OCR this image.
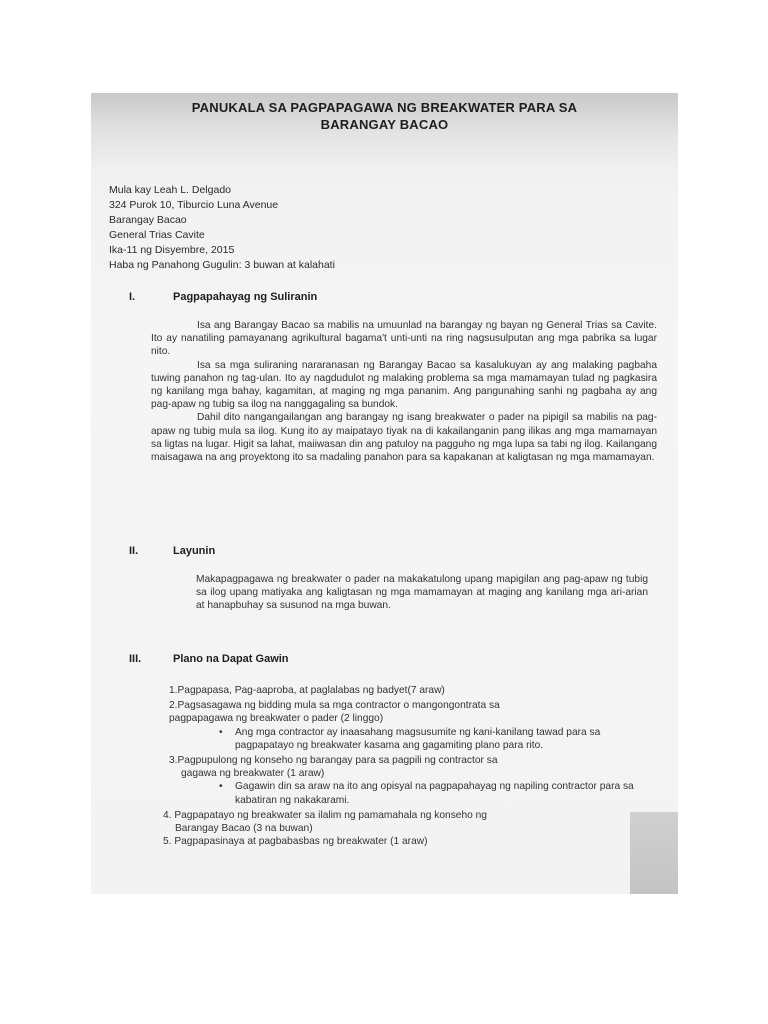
PANUKALA SA PAGPAPAGAWA NG BREAKWATER PARA SA
BARANGAY BACAO
Mula kay Leah L. Delgado
324 Purok 10, Tiburcio Luna Avenue
Barangay Bacao
General Trias Cavite
Ika-11 ng Disyembre, 2015
Haba ng Panahong Gugulin: 3 buwan at kalahati
I.	Pagpapahayag ng Suliranin

Isa ang Barangay Bacao sa mabilis na umuunlad na barangay ng bayan ng General Trias sa Cavite. Ito ay nanatiling pamayanang agrikultural bagama't unti-unti na ring nagsusulputan ang mga pabrika sa lugar nito.

Isa sa mga suliraning nararanasan ng Barangay Bacao sa kasalukuyan ay ang malaking pagbaha tuwing panahon ng tag-ulan. Ito ay nagdudulot ng malaking problema sa mga mamamayan tulad ng pagkasira ng kanilang mga bahay, kagamitan, at maging ng mga pananim. Ang pangunahing sanhi ng pagbaha ay ang pag-apaw ng tubig sa ilog na nanggagaling sa bundok.

Dahil dito nangangailangan ang barangay ng isang breakwater o pader na pipigil sa mabilis na pag-apaw ng tubig mula sa ilog. Kung ito ay maipatayo tiyak na di kakailanganin pang ilikas ang mga mamamayan sa ligtas na lugar. Higit sa lahat, maiiwasan din ang patuloy na pagguho ng mga lupa sa tabi ng ilog. Kailangang maisagawa na ang proyektong ito sa madaling panahon para sa kapakanan at kaligtasan ng mga mamamayan.

II.	Layunin

Makapagpagawa ng breakwater o pader na makakatulong upang mapigilan ang pag-apaw ng tubig sa ilog upang matiyaka ang kaligtasan ng mga mamamayan at maging ang kanilang mga ari-arian at hanapbuhay sa susunod na mga buwan.

III.	Plano na Dapat Gawin
1.Pagpapasa, Pag-aaproba, at paglalabas ng badyet(7 araw)
2.Pagsasagawa ng bidding mula sa mga contractor o mangongontrata sa
pagpapagawa ng breakwater o pader (2 linggo)
• Ang mga contractor ay inaasahang magsusumite ng kani-kanilang tawad para sa pagpapatayo ng breakwater kasama ang gagamiting plano para rito.
3.Pagpupulong ng konseho ng barangay para sa pagpili ng contractor sa
gagawa ng breakwater (1 araw)
• Gagawin din sa araw na ito ang opisyal na pagpapahayag ng napiling contractor para sa kabatiran ng nakakarami.
4. Pagpapatayo ng breakwater sa ilalim ng pamamahala ng konseho ng
Barangay Bacao (3 na buwan)
5. Pagpapasinaya at pagbabasbas ng breakwater (1 araw)
